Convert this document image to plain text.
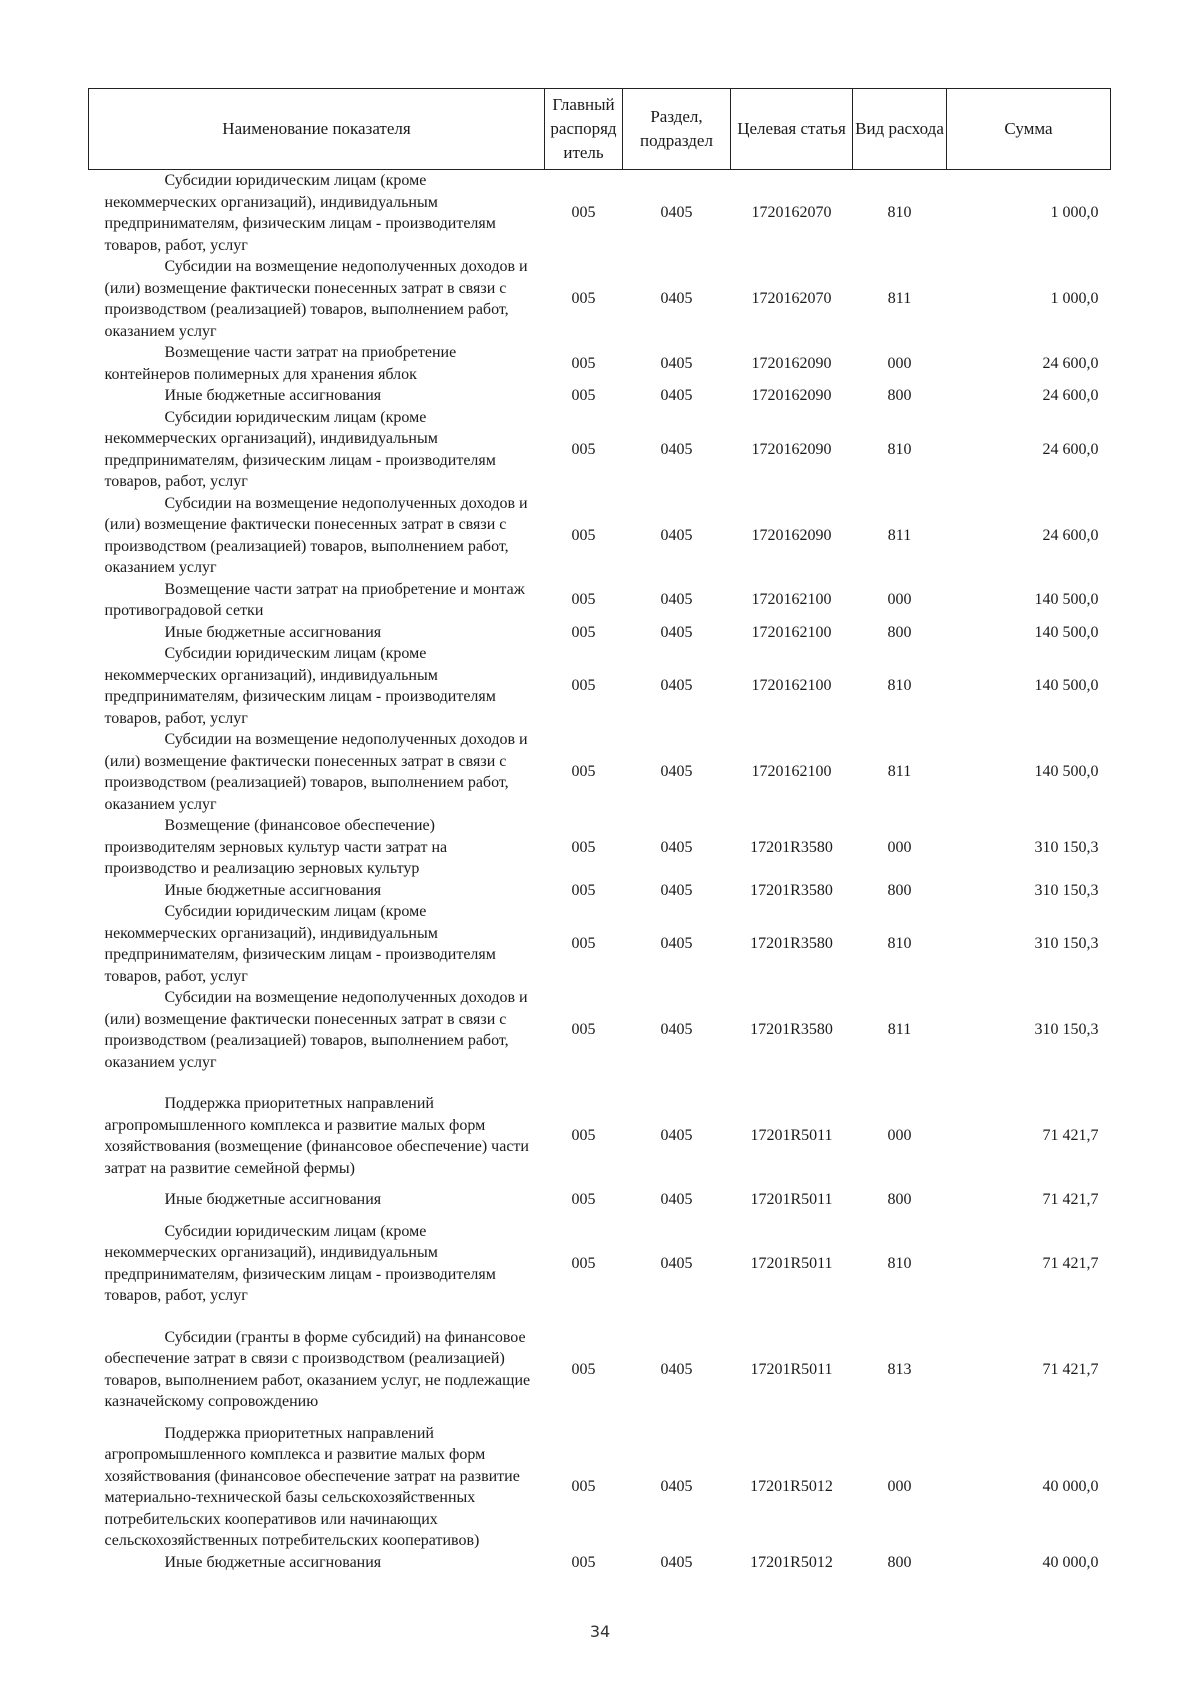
Наименование показателя	Главный распоряд итель	Раздел, подраздел	Целевая статья	Вид расхода	Сумма
Субсидии юридическим лицам (кроме некоммерческих организаций), индивидуальным предпринимателям, физическим лицам - производителям товаров, работ, услуг	005	0405	1720162070	810	1 000,0
Субсидии на возмещение недополученных доходов и (или) возмещение фактически понесенных затрат в связи с производством (реализацией) товаров, выполнением работ, оказанием услуг	005	0405	1720162070	811	1 000,0
Возмещение части затрат на приобретение контейнеров полимерных для хранения яблок	005	0405	1720162090	000	24 600,0
Иные бюджетные ассигнования	005	0405	1720162090	800	24 600,0
Субсидии юридическим лицам (кроме некоммерческих организаций), индивидуальным предпринимателям, физическим лицам - производителям товаров, работ, услуг	005	0405	1720162090	810	24 600,0
Субсидии на возмещение недополученных доходов и (или) возмещение фактически понесенных затрат в связи с производством (реализацией) товаров, выполнением работ, оказанием услуг	005	0405	1720162090	811	24 600,0
Возмещение части затрат на приобретение и монтаж противоградовой сетки	005	0405	1720162100	000	140 500,0
Иные бюджетные ассигнования	005	0405	1720162100	800	140 500,0
Субсидии юридическим лицам (кроме некоммерческих организаций), индивидуальным предпринимателям, физическим лицам - производителям товаров, работ, услуг	005	0405	1720162100	810	140 500,0
Субсидии на возмещение недополученных доходов и (или) возмещение фактически понесенных затрат в связи с производством (реализацией) товаров, выполнением работ, оказанием услуг	005	0405	1720162100	811	140 500,0
Возмещение (финансовое обеспечение) производителям зерновых культур части затрат на производство и реализацию зерновых культур	005	0405	17201R3580	000	310 150,3
Иные бюджетные ассигнования	005	0405	17201R3580	800	310 150,3
Субсидии юридическим лицам (кроме некоммерческих организаций), индивидуальным предпринимателям, физическим лицам - производителям товаров, работ, услуг	005	0405	17201R3580	810	310 150,3
Субсидии на возмещение недополученных доходов и (или) возмещение фактически понесенных затрат в связи с производством (реализацией) товаров, выполнением работ, оказанием услуг	005	0405	17201R3580	811	310 150,3
Поддержка приоритетных направлений агропромышленного комплекса и развитие малых форм хозяйствования (возмещение (финансовое обеспечение) части затрат на развитие семейной фермы)	005	0405	17201R5011	000	71 421,7
Иные бюджетные ассигнования	005	0405	17201R5011	800	71 421,7
Субсидии юридическим лицам (кроме некоммерческих организаций), индивидуальным предпринимателям, физическим лицам - производителям товаров, работ, услуг	005	0405	17201R5011	810	71 421,7
Субсидии (гранты в форме субсидий) на финансовое обеспечение затрат в связи с производством (реализацией) товаров, выполнением работ, оказанием услуг, не подлежащие казначейскому сопровождению	005	0405	17201R5011	813	71 421,7
Поддержка приоритетных направлений агропромышленного комплекса и развитие малых форм хозяйствования (финансовое обеспечение затрат на развитие материально-технической базы сельскохозяйственных потребительских кооперативов или начинающих сельскохозяйственных потребительских кооперативов)	005	0405	17201R5012	000	40 000,0
Иные бюджетные ассигнования	005	0405	17201R5012	800	40 000,0
34
